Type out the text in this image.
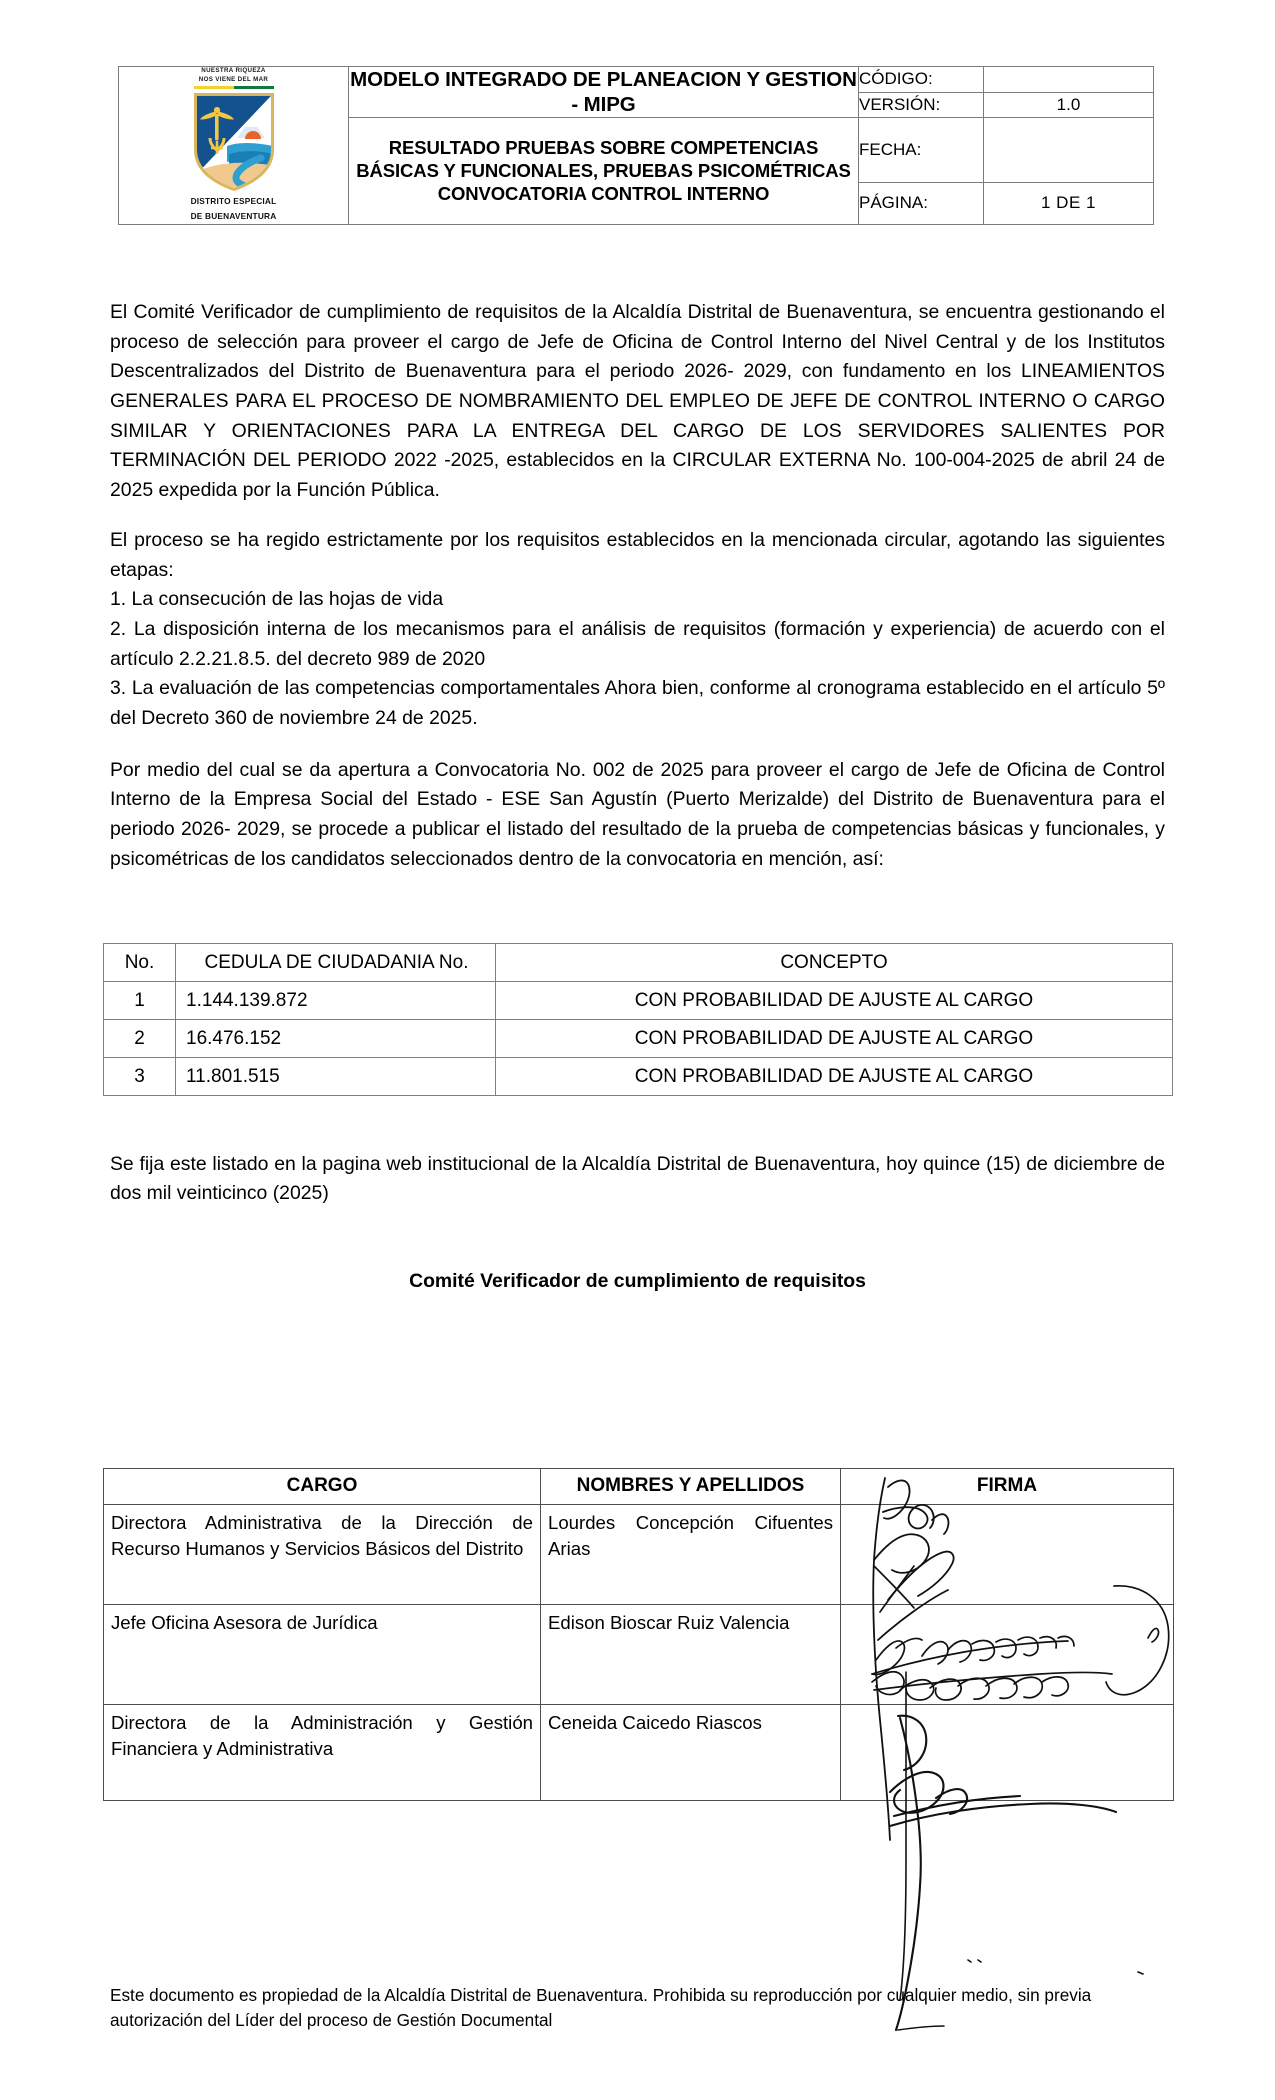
NUESTRA RIQUEZA
NOS VIENE DEL MAR
DISTRITO ESPECIAL
DE BUENAVENTURA	MODELO INTEGRADO DE PLANEACION Y GESTION - MIPG	CÓDIGO:	
		VERSIÓN:	1.0
	RESULTADO PRUEBAS SOBRE COMPETENCIAS BÁSICAS Y FUNCIONALES, PRUEBAS PSICOMÉTRICAS CONVOCATORIA CONTROL INTERNO	FECHA:	
		PÁGINA:	1 DE 1

El Comité Verificador de cumplimiento de requisitos de la Alcaldía Distrital de Buenaventura, se encuentra gestionando el proceso de selección para proveer el cargo de Jefe de Oficina de Control Interno del Nivel Central y de los Institutos Descentralizados del Distrito de Buenaventura para el periodo 2026- 2029, con fundamento en los LINEAMIENTOS GENERALES PARA EL PROCESO DE NOMBRAMIENTO DEL EMPLEO DE JEFE DE CONTROL INTERNO O CARGO SIMILAR Y ORIENTACIONES PARA LA ENTREGA DEL CARGO DE LOS SERVIDORES SALIENTES POR TERMINACIÓN DEL PERIODO 2022 -2025, establecidos en la CIRCULAR EXTERNA No. 100-004-2025 de abril 24 de 2025 expedida por la Función Pública.

El proceso se ha regido estrictamente por los requisitos establecidos en la mencionada circular, agotando las siguientes etapas:

1. La consecución de las hojas de vida

2. La disposición interna de los mecanismos para el análisis de requisitos (formación y experiencia) de acuerdo con el artículo 2.2.21.8.5. del decreto 989 de 2020

3. La evaluación de las competencias comportamentales Ahora bien, conforme al cronograma establecido en el artículo 5º del Decreto 360 de noviembre 24 de 2025.

Por medio del cual se da apertura a Convocatoria No. 002 de 2025 para proveer el cargo de Jefe de Oficina de Control Interno de la Empresa Social del Estado - ESE San Agustín (Puerto Merizalde) del Distrito de Buenaventura para el periodo 2026- 2029, se procede a publicar el listado del resultado de la prueba de competencias básicas y funcionales, y psicométricas de los candidatos seleccionados dentro de la convocatoria en mención, así:

No.	CEDULA DE CIUDADANIA No.	CONCEPTO
1	1.144.139.872	CON PROBABILIDAD DE AJUSTE AL CARGO
2	16.476.152	CON PROBABILIDAD DE AJUSTE AL CARGO
3	11.801.515	CON PROBABILIDAD DE AJUSTE AL CARGO

Se fija este listado en la pagina web institucional de la Alcaldía Distrital de Buenaventura, hoy quince (15) de diciembre de dos mil veinticinco (2025)

Comité Verificador de cumplimiento de requisitos
CARGO	NOMBRES Y APELLIDOS	FIRMA
Directora Administrativa de la Dirección de Recurso Humanos y Servicios Básicos del Distrito	Lourdes Concepción Cifuentes Arias	
Jefe Oficina Asesora de Jurídica	Edison Bioscar Ruiz Valencia	
Directora de la Administración y Gestión Financiera y Administrativa	Ceneida Caicedo Riascos	
Este documento es propiedad de la Alcaldía Distrital de Buenaventura. Prohibida su reproducción por cualquier medio, sin previa autorización del Líder del proceso de Gestión Documental
